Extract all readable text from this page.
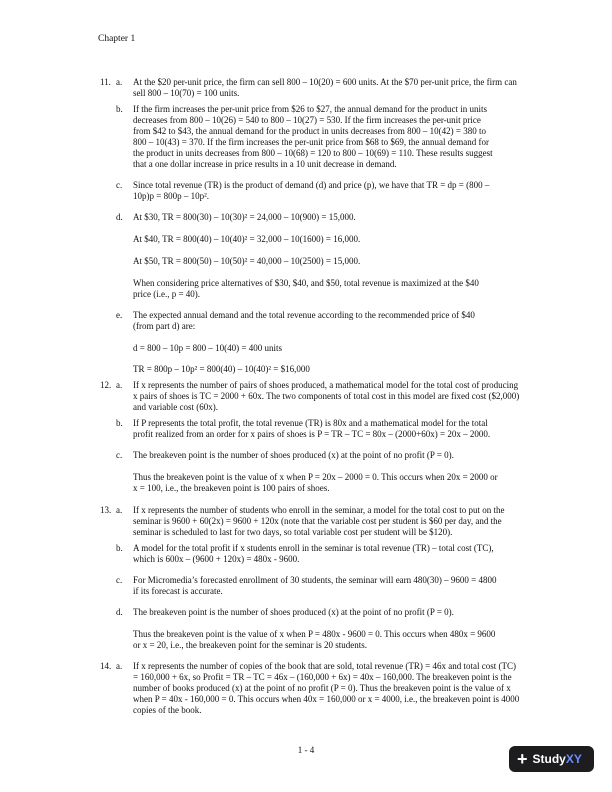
Chapter 1
11. a. At the $20 per-unit price, the firm can sell 800 – 10(20) = 600 units. At the $70 per-unit price, the firm can
sell 800 – 10(70) = 100 units.
b. If the firm increases the per-unit price from $26 to $27, the annual demand for the product in units
decreases from 800 – 10(26) = 540 to 800 – 10(27) = 530. If the firm increases the per-unit price
from $42 to $43, the annual demand for the product in units decreases from 800 – 10(42) = 380 to
800 – 10(43) = 370. If the firm increases the per-unit price from $68 to $69, the annual demand for
the product in units decreases from 800 – 10(68) = 120 to 800 – 10(69) = 110. These results suggest
that a one dollar increase in price results in a 10 unit decrease in demand.
c. Since total revenue (TR) is the product of demand (d) and price (p), we have that TR = dp = (800 –
10p)p = 800p – 10p².
d. At $30, TR = 800(30) – 10(30)² = 24,000 – 10(900) = 15,000.
At $40, TR = 800(40) – 10(40)² = 32,000 – 10(1600) = 16,000.
At $50, TR = 800(50) – 10(50)² = 40,000 – 10(2500) = 15,000.
When considering price alternatives of $30, $40, and $50, total revenue is maximized at the $40
price (i.e., p = 40).
e. The expected annual demand and the total revenue according to the recommended price of $40
(from part d) are:
d = 800 – 10p = 800 – 10(40) = 400 units
TR = 800p – 10p² = 800(40) – 10(40)² = $16,000
12. a. If x represents the number of pairs of shoes produced, a mathematical model for the total cost of producing
x pairs of shoes is TC = 2000 + 60x. The two components of total cost in this model are fixed cost ($2,000)
and variable cost (60x).
b. If P represents the total profit, the total revenue (TR) is 80x and a mathematical model for the total
profit realized from an order for x pairs of shoes is P = TR – TC = 80x – (2000+60x) = 20x – 2000.
c. The breakeven point is the number of shoes produced (x) at the point of no profit (P = 0).
Thus the breakeven point is the value of x when P = 20x – 2000 = 0. This occurs when 20x = 2000 or
x = 100, i.e., the breakeven point is 100 pairs of shoes.
13. a. If x represents the number of students who enroll in the seminar, a model for the total cost to put on the
seminar is 9600 + 60(2x) = 9600 + 120x (note that the variable cost per student is $60 per day, and the
seminar is scheduled to last for two days, so total variable cost per student will be $120).
b. A model for the total profit if x students enroll in the seminar is total revenue (TR) – total cost (TC),
which is 600x – (9600 + 120x) = 480x - 9600.
c. For Micromedia’s forecasted enrollment of 30 students, the seminar will earn 480(30) – 9600 = 4800
if its forecast is accurate.
d. The breakeven point is the number of shoes produced (x) at the point of no profit (P = 0).
Thus the breakeven point is the value of x when P = 480x - 9600 = 0. This occurs when 480x = 9600
or x = 20, i.e., the breakeven point for the seminar is 20 students.
14. a. If x represents the number of copies of the book that are sold, total revenue (TR) = 46x and total cost (TC)
= 160,000 + 6x, so Profit = TR – TC = 46x – (160,000 + 6x) = 40x – 160,000. The breakeven point is the
number of books produced (x) at the point of no profit (P = 0). Thus the breakeven point is the value of x
when P = 40x - 160,000 = 0. This occurs when 40x = 160,000 or x = 4000, i.e., the breakeven point is 4000
copies of the book.
1 - 4	+ Study XY
